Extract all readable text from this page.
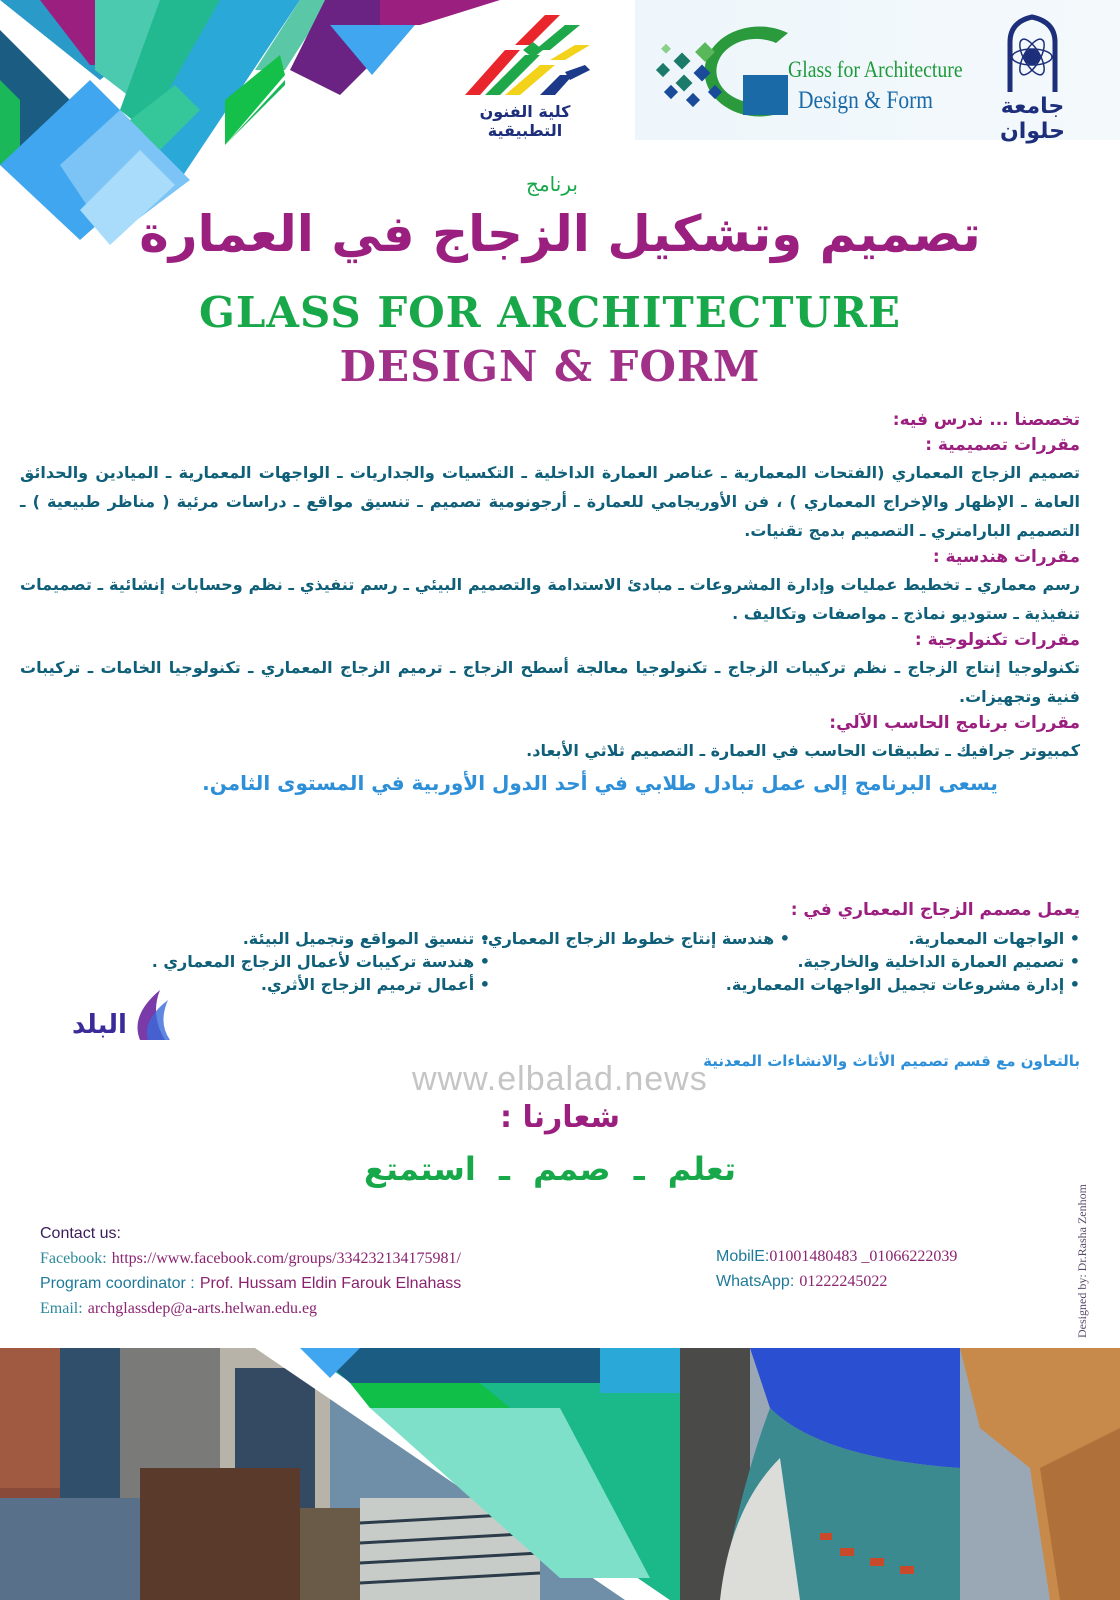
كلية الفنون التطبيقية
Glass for Architecture
Design & Form	جامعة حلوان
برنامج
تصميم وتشكيل الزجاج في العمارة
GLASS FOR ARCHITECTURE
DESIGN & FORM
تخصصنا ... ندرس فيه:
مقررات تصميمية :
تصميم الزجاج المعماري (الفتحات المعمارية ـ عناصر العمارة الداخلية ـ التكسيات والجداريات ـ الواجهات المعمارية ـ الميادين والحدائق العامة ـ الإظهار والإخراج المعماري ) ، فن الأوريجامي للعمارة ـ أرجونومية تصميم ـ تنسيق مواقع ـ دراسات مرئية ( مناظر طبيعية ) ـ التصميم البارامتري ـ التصميم بدمج تقنيات.
مقررات هندسية :
رسم معماري ـ تخطيط عمليات وإدارة المشروعات ـ مبادئ الاستدامة والتصميم البيئي ـ رسم تنفيذي ـ نظم وحسابات إنشائية ـ تصميمات تنفيذية ـ ستوديو نماذج ـ مواصفات وتكاليف .
مقررات تكنولوجية :
تكنولوجيا إنتاج الزجاج ـ نظم تركيبات الزجاج ـ تكنولوجيا معالجة أسطح الزجاج ـ ترميم الزجاج المعماري ـ تكنولوجيا الخامات ـ تركيبات فنية وتجهيزات.
مقررات برنامج الحاسب الآلي:
كمبيوتر جرافيك ـ تطبيقات الحاسب في العمارة ـ التصميم ثلاثي الأبعاد.
يسعى البرنامج إلى عمل تبادل طلابي في أحد الدول الأوربية في المستوى الثامن.
يعمل مصمم الزجاج المعماري في :
• الواجهات المعمارية.
• هندسة إنتاج خطوط الزجاج المعماري.
• تنسيق المواقع وتجميل البيئة.
• تصميم العمارة الداخلية والخارجية.
• هندسة تركيبات لأعمال الزجاج المعماري .
• إدارة مشروعات تجميل الواجهات المعمارية.
• أعمال ترميم الزجاج الأثري.
البلد
www.elbalad.news
بالتعاون مع قسم تصميم الأثاث والانشاءات المعدنية
شعارنا :
تعلم ـ صمم ـ استمتع
Contact us:
Facebook: https://www.facebook.com/groups/334232134175981/
Program coordinator : Prof. Hussam Eldin Farouk Elnahass
Email: archglassdep@a-arts.helwan.edu.eg
MobilE:01001480483 _01066222039
WhatsApp: 01222245022	Designed by: Dr.Rasha Zenhom
